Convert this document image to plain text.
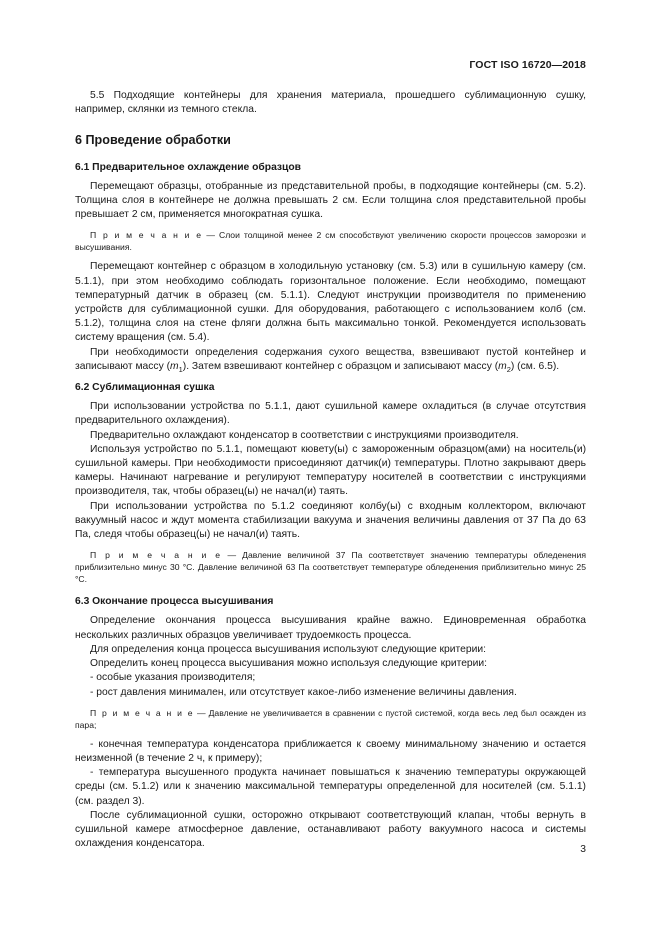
ГОСТ ISO 16720—2018

5.5 Подходящие контейнеры для хранения материала, прошедшего сублимационную сушку, например, склянки из темного стекла.

6 Проведение обработки
6.1 Предварительное охлаждение образцов

Перемещают образцы, отобранные из представительной пробы, в подходящие контейнеры (см. 5.2). Толщина слоя в контейнере не должна превышать 2 см. Если толщина слоя представительной пробы превышает 2 см, применяется многократная сушка.

П р и м е ч а н и е — Слои толщиной менее 2 см способствуют увеличению скорости процессов заморозки и высушивания.

Перемещают контейнер с образцом в холодильную установку (см. 5.3) или в сушильную камеру (см. 5.1.1), при этом необходимо соблюдать горизонтальное положение. Если необходимо, помещают температурный датчик в образец (см. 5.1.1). Следуют инструкции производителя по применению устройств для сублимационной сушки. Для оборудования, работающего с использованием колб (см. 5.1.2), толщина слоя на стене фляги должна быть максимально тонкой. Рекомендуется использовать систему вращения (см. 5.4).

При необходимости определения содержания сухого вещества, взвешивают пустой контейнер и записывают массу $(m_1)$. Затем взвешивают контейнер с образцом и записывают массу $(m_2)$ (см. 6.5).

6.2 Сублимационная сушка

При использовании устройства по 5.1.1, дают сушильной камере охладиться (в случае отсутствия предварительного охлаждения).

Предварительно охлаждают конденсатор в соответствии с инструкциями производителя.

Используя устройство по 5.1.1, помещают кювету(ы) с замороженным образцом(ами) на носитель(и) сушильной камеры. При необходимости присоединяют датчик(и) температуры. Плотно закрывают дверь камеры. Начинают нагревание и регулируют температуру носителей в соответствии с инструкциями производителя, так, чтобы образец(ы) не начал(и) таять.

При использовании устройства по 5.1.2 соединяют колбу(ы) с входным коллектором, включают вакуумный насос и ждут момента стабилизации вакуума и значения величины давления от 37 Па до 63 Па, следя чтобы образец(ы) не начал(и) таять.

П р и м е ч а н и е — Давление величиной 37 Па соответствует значению температуры обледенения приблизительно минус 30 °С. Давление величиной 63 Па соответствует температуре обледенения приблизительно минус 25 °С.

6.3 Окончание процесса высушивания

Определение окончания процесса высушивания крайне важно. Единовременная обработка нескольких различных образцов увеличивает трудоемкость процесса.

Для определения конца процесса высушивания используют следующие критерии:

Определить конец процесса высушивания можно используя следующие критерии:

- особые указания производителя;

- рост давления минимален, или отсутствует какое-либо изменение величины давления.

П р и м е ч а н и е — Давление не увеличивается в сравнении с пустой системой, когда весь лед был осажден из пара;

- конечная температура конденсатора приближается к своему минимальному значению и остается неизменной (в течение 2 ч, к примеру);

- температура высушенного продукта начинает повышаться к значению температуры окружающей среды (см. 5.1.2) или к значению максимальной температуры определенной для носителей (см. 5.1.1) (см. раздел 3).

После сублимационной сушки, осторожно открывают соответствующий клапан, чтобы вернуть в сушильной камере атмосферное давление, останавливают работу вакуумного насоса и системы охлаждения конденсатора.

3
